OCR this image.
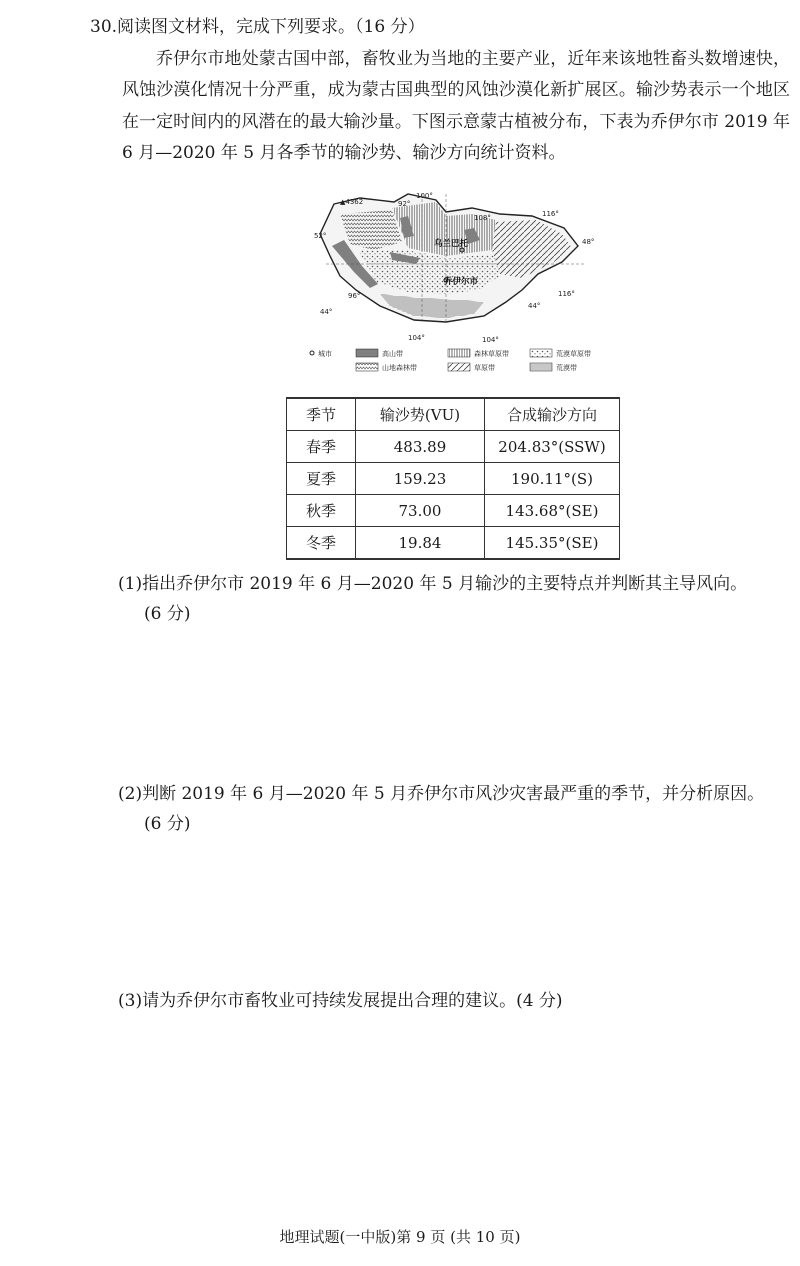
30.阅读图文材料，完成下列要求。（16 分）

乔伊尔市地处蒙古国中部，畜牧业为当地的主要产业，近年来该地牲畜头数增速快，风蚀沙漠化情况十分严重，成为蒙古国典型的风蚀沙漠化新扩展区。输沙势表示一个地区在一定时间内的风潜在的最大输沙量。下图示意蒙古植被分布，下表为乔伊尔市 2019 年 6 月—2020 年 5 月各季节的输沙势、输沙方向统计资料。

▲4362	92°
100°
108°	116°
96°
104°
52°
48°
44°
44°
116°
104°
乌兰巴托
乔伊尔市
城市	高山带	森林草原带	荒漠草原带
山地森林带	草原带	荒漠带
季节	输沙势(VU)	合成输沙方向
春季	483.89	204.83°(SSW)
夏季	159.23	190.11°(S)
秋季	73.00	143.68°(SE)
冬季	19.84	145.35°(SE)
(1)指出乔伊尔市 2019 年 6 月—2020 年 5 月输沙的主要特点并判断其主导风向。
(6 分)
(2)判断 2019 年 6 月—2020 年 5 月乔伊尔市风沙灾害最严重的季节，并分析原因。
(6 分)
(3)请为乔伊尔市畜牧业可持续发展提出合理的建议。(4 分)
地理试题(一中版)第 9 页 (共 10 页)
